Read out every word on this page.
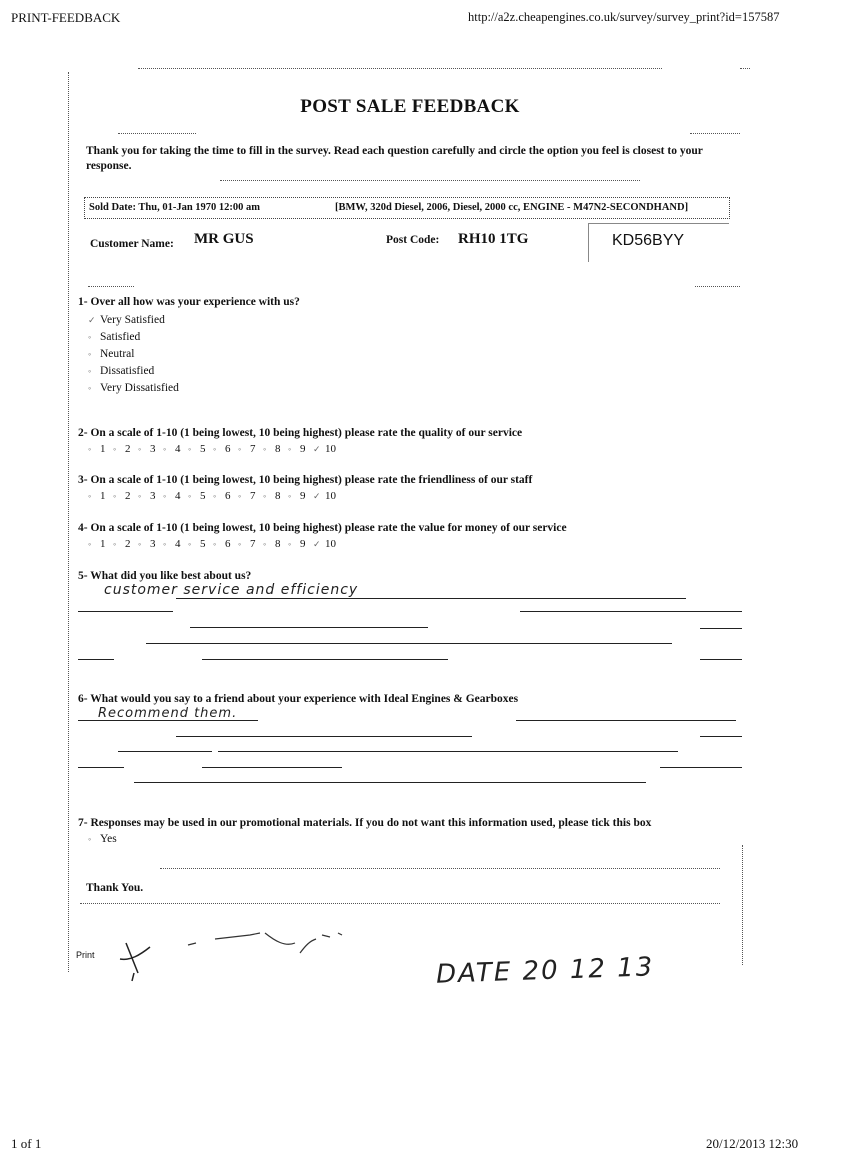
PRINT-FEEDBACK	http://a2z.cheapengines.co.uk/survey/survey_print?id=157587
POST SALE FEEDBACK
Thank you for taking the time to fill in the survey. Read each question carefully and circle the option you feel is closest to your response.
Sold Date: Thu, 01-Jan 1970 12:00 am	[BMW, 320d Diesel, 2006, Diesel, 2000 cc, ENGINE - M47N2-SECONDHAND]
Customer Name: MR GUS	Post Code: RH10 1TG	KD56BYY
1- Over all how was your experience with us?
✓ Very Satisfied
◦ Satisfied
◦ Neutral
◦ Dissatisfied
◦ Very Dissatisfied
2- On a scale of 1-10 (1 being lowest, 10 being highest) please rate the quality of our service
◦ 1 ◦ 2 ◦ 3 ◦ 4 ◦ 5 ◦ 6 ◦ 7 ◦ 8 ◦ 9 ✓ 10
3- On a scale of 1-10 (1 being lowest, 10 being highest) please rate the friendliness of our staff
◦ 1 ◦ 2 ◦ 3 ◦ 4 ◦ 5 ◦ 6 ◦ 7 ◦ 8 ◦ 9 ✓ 10
4- On a scale of 1-10 (1 being lowest, 10 being highest) please rate the value for money of our service
◦ 1 ◦ 2 ◦ 3 ◦ 4 ◦ 5 ◦ 6 ◦ 7 ◦ 8 ◦ 9 ✓ 10
5- What did you like best about us?
customer service and efficiency
6- What would you say to a friend about your experience with Ideal Engines & Gearboxes
Recommend them.
7- Responses may be used in our promotional materials. If you do not want this information used, please tick this box
◦ Yes
Thank You.
Print	DATE 20 12 13
1 of 1	20/12/2013 12:30
